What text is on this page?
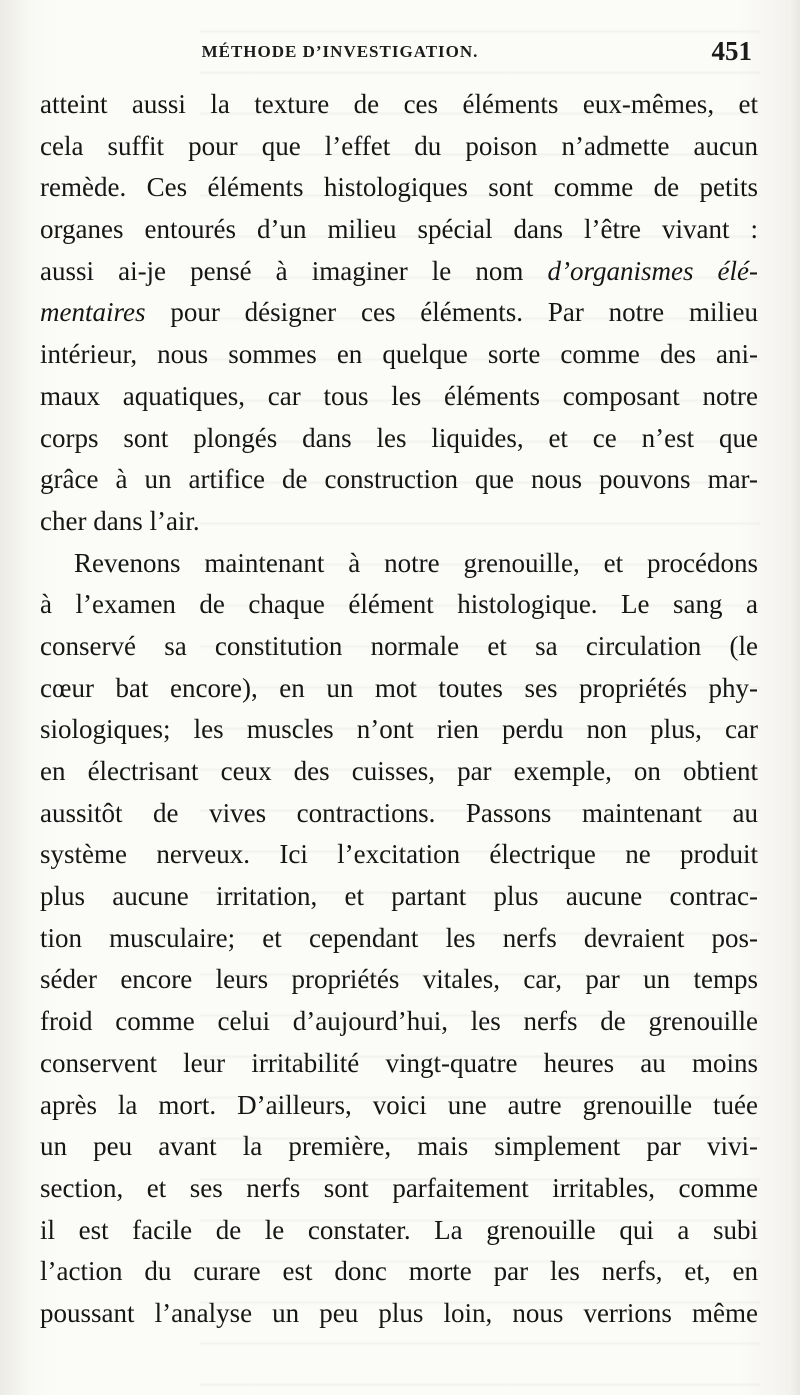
MÉTHODE D’INVESTIGATION.	451
atteint aussi la texture de ces éléments eux-mêmes, et
cela suffit pour que l’effet du poison n’admette aucun
remède. Ces éléments histologiques sont comme de petits
organes entourés d’un milieu spécial dans l’être vivant :
aussi ai-je pensé à imaginer le nom d’organismes élé-
mentaires pour désigner ces éléments. Par notre milieu
intérieur, nous sommes en quelque sorte comme des ani-
maux aquatiques, car tous les éléments composant notre
corps sont plongés dans les liquides, et ce n’est que
grâce à un artifice de construction que nous pouvons mar-
cher dans l’air.
Revenons maintenant à notre grenouille, et procédons
à l’examen de chaque élément histologique. Le sang a
conservé sa constitution normale et sa circulation (le
cœur bat encore), en un mot toutes ses propriétés phy-
siologiques; les muscles n’ont rien perdu non plus, car
en électrisant ceux des cuisses, par exemple, on obtient
aussitôt de vives contractions. Passons maintenant au
système nerveux. Ici l’excitation électrique ne produit
plus aucune irritation, et partant plus aucune contrac-
tion musculaire; et cependant les nerfs devraient pos-
séder encore leurs propriétés vitales, car, par un temps
froid comme celui d’aujourd’hui, les nerfs de grenouille
conservent leur irritabilité vingt-quatre heures au moins
après la mort. D’ailleurs, voici une autre grenouille tuée
un peu avant la première, mais simplement par vivi-
section, et ses nerfs sont parfaitement irritables, comme
il est facile de le constater. La grenouille qui a subi
l’action du curare est donc morte par les nerfs, et, en
poussant l’analyse un peu plus loin, nous verrions même
